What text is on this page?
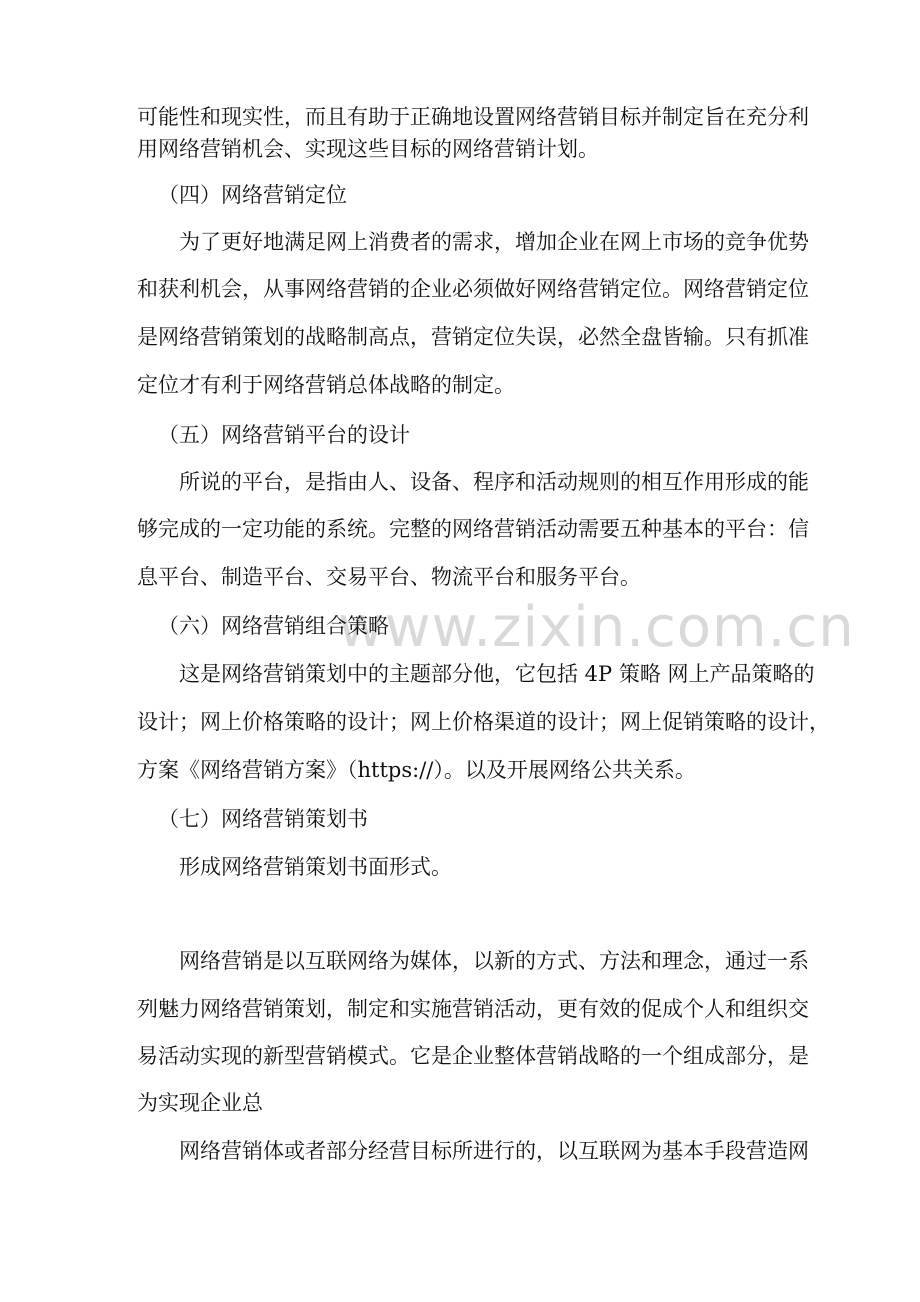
www.zixin.com.cn
可能性和现实性，而且有助于正确地设置网络营销目标并制定旨在充分利
用网络营销机会、实现这些目标的网络营销计划。
（四）网络营销定位
为了更好地满足网上消费者的需求，增加企业在网上市场的竞争优势
和获利机会，从事网络营销的企业必须做好网络营销定位。网络营销定位
是网络营销策划的战略制高点，营销定位失误，必然全盘皆输。只有抓准
定位才有利于网络营销总体战略的制定。
（五）网络营销平台的设计
所说的平台，是指由人、设备、程序和活动规则的相互作用形成的能
够完成的一定功能的系统。完整的网络营销活动需要五种基本的平台：信
息平台、制造平台、交易平台、物流平台和服务平台。
（六）网络营销组合策略
这是网络营销策划中的主题部分他，它包括 4P 策略 网上产品策略的
设计；网上价格策略的设计；网上价格渠道的设计；网上促销策略的设计，
方案《网络营销方案》（https://）。以及开展网络公共关系。
（七）网络营销策划书
形成网络营销策划书面形式。
网络营销是以互联网络为媒体，以新的方式、方法和理念，通过一系
列魅力网络营销策划，制定和实施营销活动，更有效的促成个人和组织交
易活动实现的新型营销模式。它是企业整体营销战略的一个组成部分，是
为实现企业总
网络营销体或者部分经营目标所进行的，以互联网为基本手段营造网
